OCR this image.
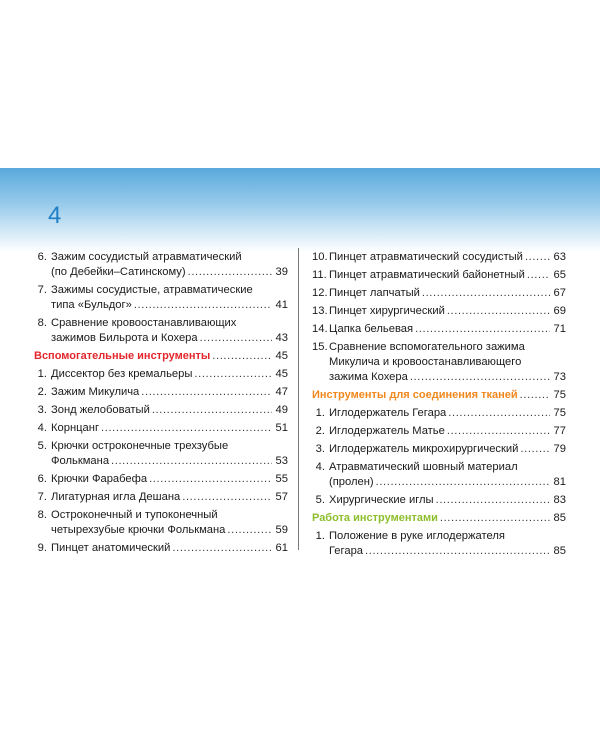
4
6. Зажим сосудистый атравматический
(по Дебейки–Сатинскому) .....	39
7. Зажимы сосудистые, атравматические
типа «Бульдог» .....	41
8. Сравнение кровоостанавливающих
зажимов Бильрота и Кохера .....	43
Вспомогательные инструменты .....	45
1. Диссектор без кремальеры .....	45
2. Зажим Микулича .....	47
3. Зонд желобоватый .....	49
4. Корнцанг .....	51
5. Крючки остроконечные трехзубые
Фолькмана .....	53
6. Крючки Фарабефа .....	55
7. Лигатурная игла Дешана .....	57
8. Остроконечный и тупоконечный
четырехзубые крючки Фолькмана .....	59
9. Пинцет анатомический .....	61
10. Пинцет атравматический сосудистый .....	63
11. Пинцет атравматический байонетный .....	65
12. Пинцет лапчатый .....	67
13. Пинцет хирургический .....	69
14. Цапка бельевая .....	71
15. Сравнение вспомогательного зажима
Микулича и кровоостанавливающего
зажима Кохера .....	73
Инструменты для соединения тканей .....	75
1. Иглодержатель Гегара .....	75
2. Иглодержатель Матье .....	77
3. Иглодержатель микрохирургический .....	79
4. Атравматический шовный материал
(пролен) .....	81
5. Хирургические иглы .....	83
Работа инструментами .....	85
1. Положение в руке иглодержателя
Гегара .....	85
